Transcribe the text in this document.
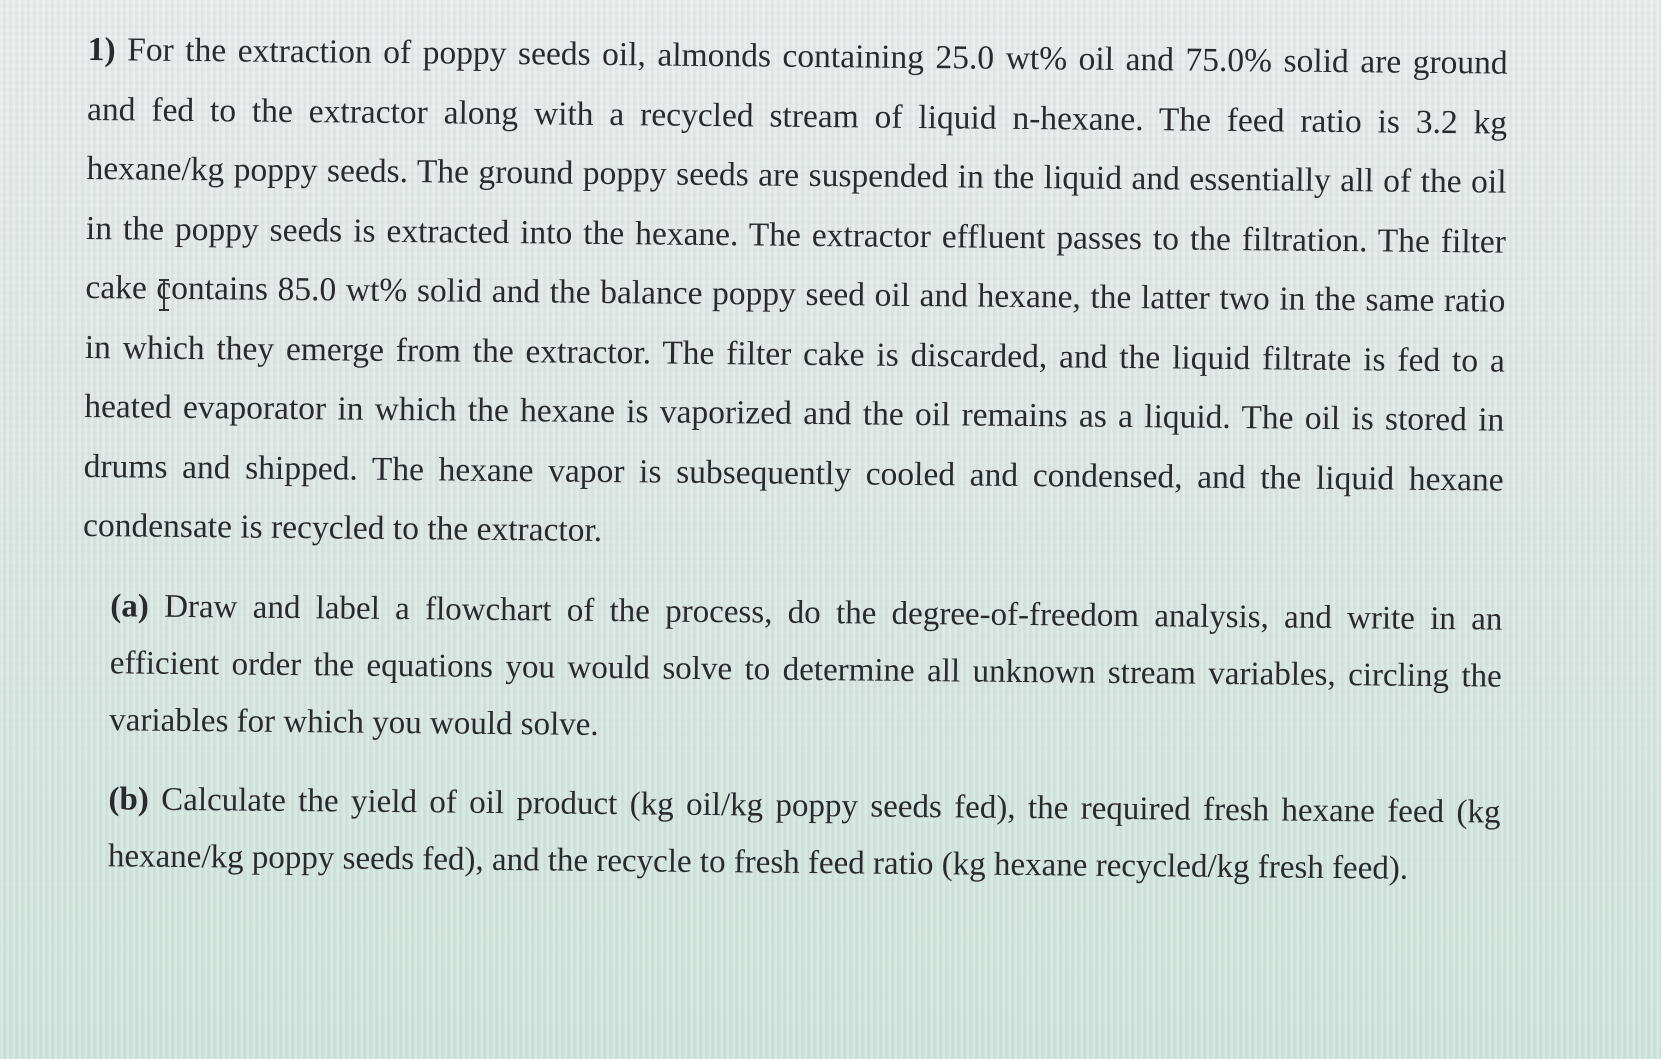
1) For the extraction of poppy seeds oil, almonds containing 25.0 wt% oil and 75.0% solid are ground and fed to the extractor along with a recycled stream of liquid n-hexane. The feed ratio is 3.2 kg hexane/kg poppy seeds. The ground poppy seeds are suspended in the liquid and essentially all of the oil in the poppy seeds is extracted into the hexane. The extractor effluent passes to the filtration. The filter cake contains 85.0 wt% solid and the balance poppy seed oil and hexane, the latter two in the same ratio in which they emerge from the extractor. The filter cake is discarded, and the liquid filtrate is fed to a heated evaporator in which the hexane is vaporized and the oil remains as a liquid. The oil is stored in drums and shipped. The hexane vapor is subsequently cooled and condensed, and the liquid hexane condensate is recycled to the extractor.

(a) Draw and label a flowchart of the process, do the degree-of-freedom analysis, and write in an efficient order the equations you would solve to determine all unknown stream variables, circling the variables for which you would solve.

(b) Calculate the yield of oil product (kg oil/kg poppy seeds fed), the required fresh hexane feed (kg hexane/kg poppy seeds fed), and the recycle to fresh feed ratio (kg hexane recycled/kg fresh feed).
